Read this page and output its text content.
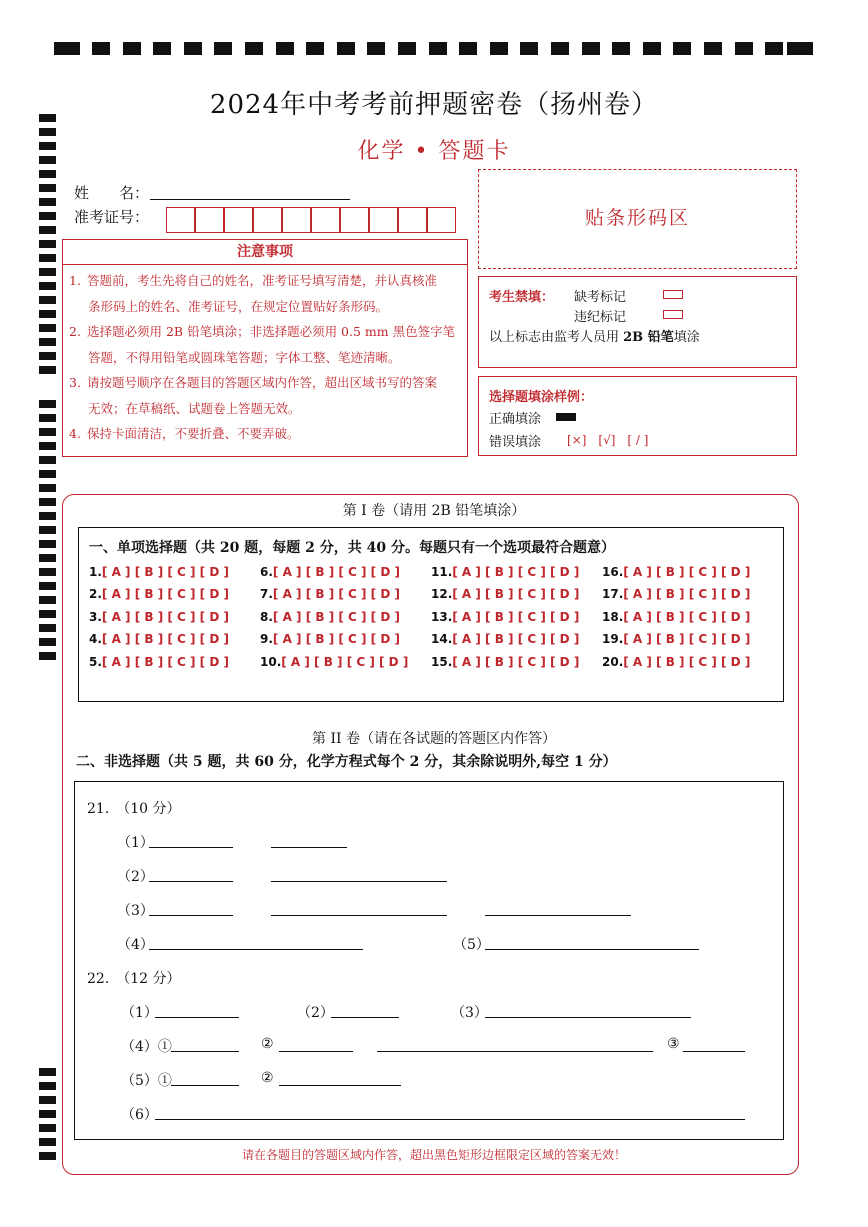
2024年中考考前押题密卷（扬州卷）
化学 • 答题卡
姓　　名：
准考证号：
注意事项
1. 答题前，考生先将自己的姓名，准考证号填写清楚，并认真核准
条形码上的姓名、准考证号，在规定位置贴好条形码。
2. 选择题必须用 2B 铅笔填涂；非选择题必须用 0.5 mm 黑色签字笔
答题，不得用铅笔或圆珠笔答题；字体工整、笔迹清晰。
3. 请按题号顺序在各题目的答题区域内作答，超出区域书写的答案
无效；在草稿纸、试题卷上答题无效。
4. 保持卡面清洁，不要折叠、不要弄破。
贴条形码区
考生禁填： 缺考标记
违纪标记
以上标志由监考人员用 2B 铅笔填涂
选择题填涂样例：
正确填涂
错误填涂 [×]　[√]　[ / ]
第 I 卷（请用 2B 铅笔填涂）
一、单项选择题（共 20 题，每题 2 分，共 40 分。每题只有一个选项最符合题意）
1.[ A ] [ B ] [ C ] [ D ]
2.[ A ] [ B ] [ C ] [ D ]
3.[ A ] [ B ] [ C ] [ D ]
4.[ A ] [ B ] [ C ] [ D ]
5.[ A ] [ B ] [ C ] [ D ]
6.[ A ] [ B ] [ C ] [ D ]
7.[ A ] [ B ] [ C ] [ D ]
8.[ A ] [ B ] [ C ] [ D ]
9.[ A ] [ B ] [ C ] [ D ]
10.[ A ] [ B ] [ C ] [ D ]
11.[ A ] [ B ] [ C ] [ D ]
12.[ A ] [ B ] [ C ] [ D ]
13.[ A ] [ B ] [ C ] [ D ]
14.[ A ] [ B ] [ C ] [ D ]
15.[ A ] [ B ] [ C ] [ D ]
16.[ A ] [ B ] [ C ] [ D ]
17.[ A ] [ B ] [ C ] [ D ]
18.[ A ] [ B ] [ C ] [ D ]
19.[ A ] [ B ] [ C ] [ D ]
20.[ A ] [ B ] [ C ] [ D ]
第 II 卷（请在各试题的答题区内作答）
二、非选择题（共 5 题，共 60 分，化学方程式每个 2 分，其余除说明外,每空 1 分）
21.　（10 分）
（1）
（2）
（3）
（4）	（5）
22.　（12 分）
（1）	（2）	（3）
（4）①	②	③
（5）①	②
（6）
请在各题目的答题区域内作答，超出黑色矩形边框限定区域的答案无效！
